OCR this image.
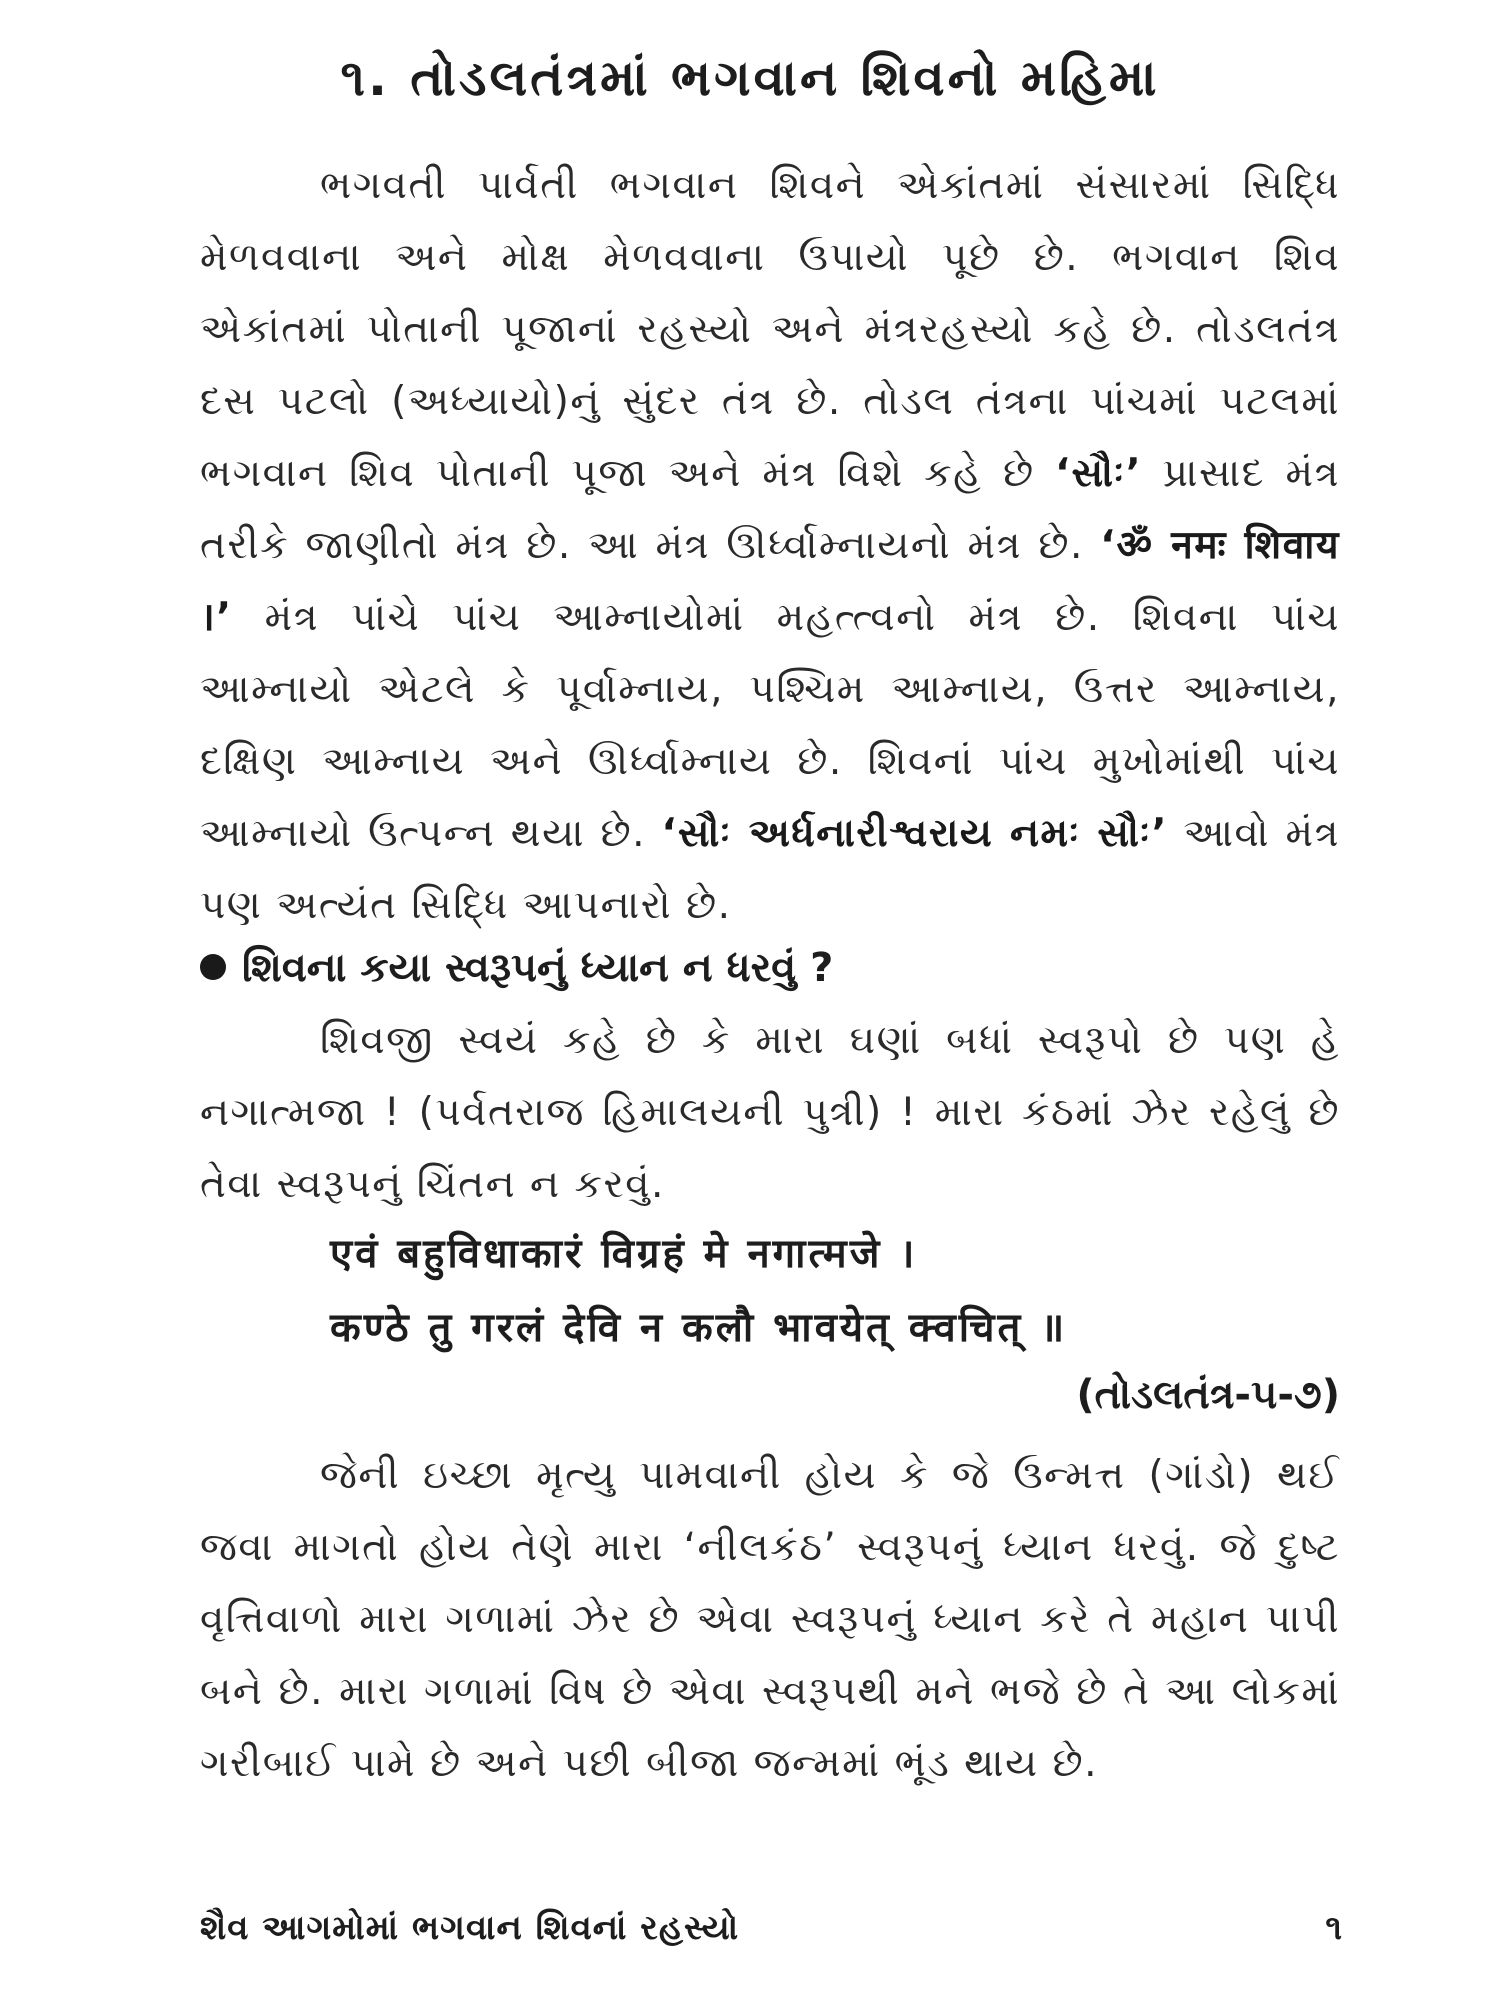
૧. તોડલતંત્રમાં ભગવાન શિવનો મહિમા
ભગવતી પાર્વતી ભગવાન શિવને એકાંતમાં સંસારમાં સિદ્ધિ મેળવવાના અને મોક્ષ મેળવવાના ઉપાયો પૂછે છે. ભગવાન શિવ એકાંતમાં પોતાની પૂજાનાં રહસ્યો અને મંત્રરહસ્યો કહે છે. તોડલતંત્ર દસ પટલો (અધ્યાયો)નું સુંદર તંત્ર છે. તોડલ તંત્રના પાંચમાં પટલમાં ભગવાન શિવ પોતાની પૂજા અને મંત્ર વિશે કહે છે ‘સૌઃ’ પ્રાસાદ મંત્ર તરીકે જાણીતો મંત્ર છે. આ મંત્ર ઊર્ધ્વામ્નાયનો મંત્ર છે. ‘ॐ नमः शिवाय ।’ મંત્ર પાંચે પાંચ આમ્નાયોમાં મહત્ત્વનો મંત્ર છે. શિવના પાંચ આમ્નાયો એટલે કે પૂર્વામ્નાય, પશ્ચિમ આમ્નાય, ઉત્તર આમ્નાય, દક્ષિણ આમ્નાય અને ઊર્ધ્વામ્નાય છે. શિવનાં પાંચ મુખોમાંથી પાંચ આમ્નાયો ઉત્પન્ન થયા છે. ‘સૌઃ અર્ધનારીશ્વરાય નમઃ સૌઃ’ આવો મંત્ર પણ અત્યંત સિદ્ધિ આપનારો છે.
શિવના કયા સ્વરૂપનું ધ્યાન ન ધરવું ?
શિવજી સ્વયં કહે છે કે મારા ઘણાં બધાં સ્વરૂપો છે પણ હે નગાત્મજા ! (પર્વતરાજ હિમાલયની પુત્રી) ! મારા કંઠમાં ઝેર રહેલું છે તેવા સ્વરૂપનું ચિંતન ન કરવું.
एवं बहुविधाकारं विग्रहं मे नगात्मजे ।
कण्ठे तु गरलं देवि न कलौ भावयेत् क्वचित् ॥
(તોડલતંત્ર-૫-૭)
જેની ઇચ્છા મૃત્યુ પામવાની હોય કે જે ઉન્મત્ત (ગાંડો) થઈ જવા માગતો હોય તેણે મારા ‘નીલકંઠ’ સ્વરૂપનું ધ્યાન ધરવું. જે દુષ્ટ વૃત્તિવાળો મારા ગળામાં ઝેર છે એવા સ્વરૂપનું ધ્યાન કરે તે મહાન પાપી બને છે. મારા ગળામાં વિષ છે એવા સ્વરૂપથી મને ભજે છે તે આ લોકમાં ગરીબાઈ પામે છે અને પછી બીજા જન્મમાં ભૂંડ થાય છે.
શૈવ આગમોમાં ભગવાન શિવનાં રહસ્યો	૧
